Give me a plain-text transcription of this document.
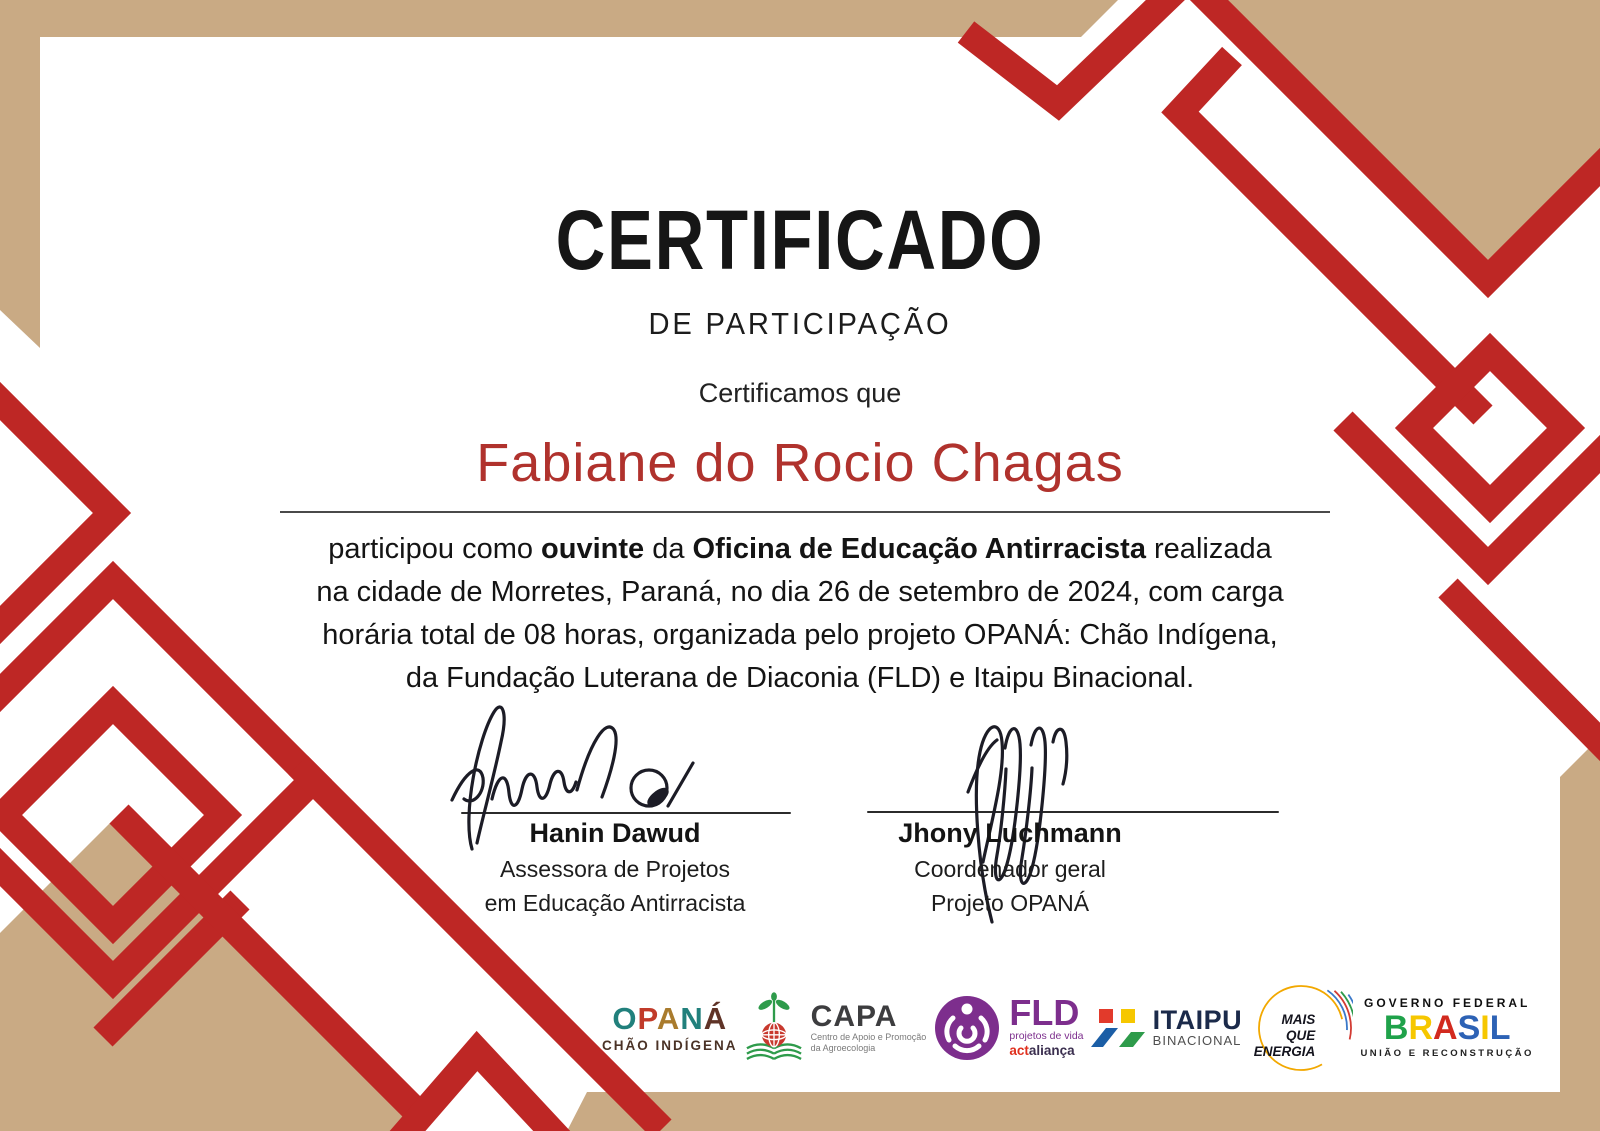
CERTIFICADO
DE PARTICIPAÇÃO
Certificamos que
Fabiane do Rocio Chagas
participou como ouvinte da Oficina de Educação Antirracista realizada
na cidade de Morretes, Paraná, no dia 26 de setembro de 2024, com carga
horária total de 08 horas, organizada pelo projeto OPANÁ: Chão Indígena,
da Fundação Luterana de Diaconia (FLD) e Itaipu Binacional.
Hanin Dawud
Assessora de Projetos
em Educação Antirracista
Jhony Luchmann
Coordenador geral
Projeto OPANÁ
OPANÁ
CHÃO INDÍGENA
CAPA
Centro de Apoio e Promoção
da Agroecologia
FLD
projetos de vida
actaliança
ITAIPU
BINACIONAL
MAIS QUE
ENERGIA
GOVERNO FEDERAL
BRASIL
UNIÃO E RECONSTRUÇÃO
